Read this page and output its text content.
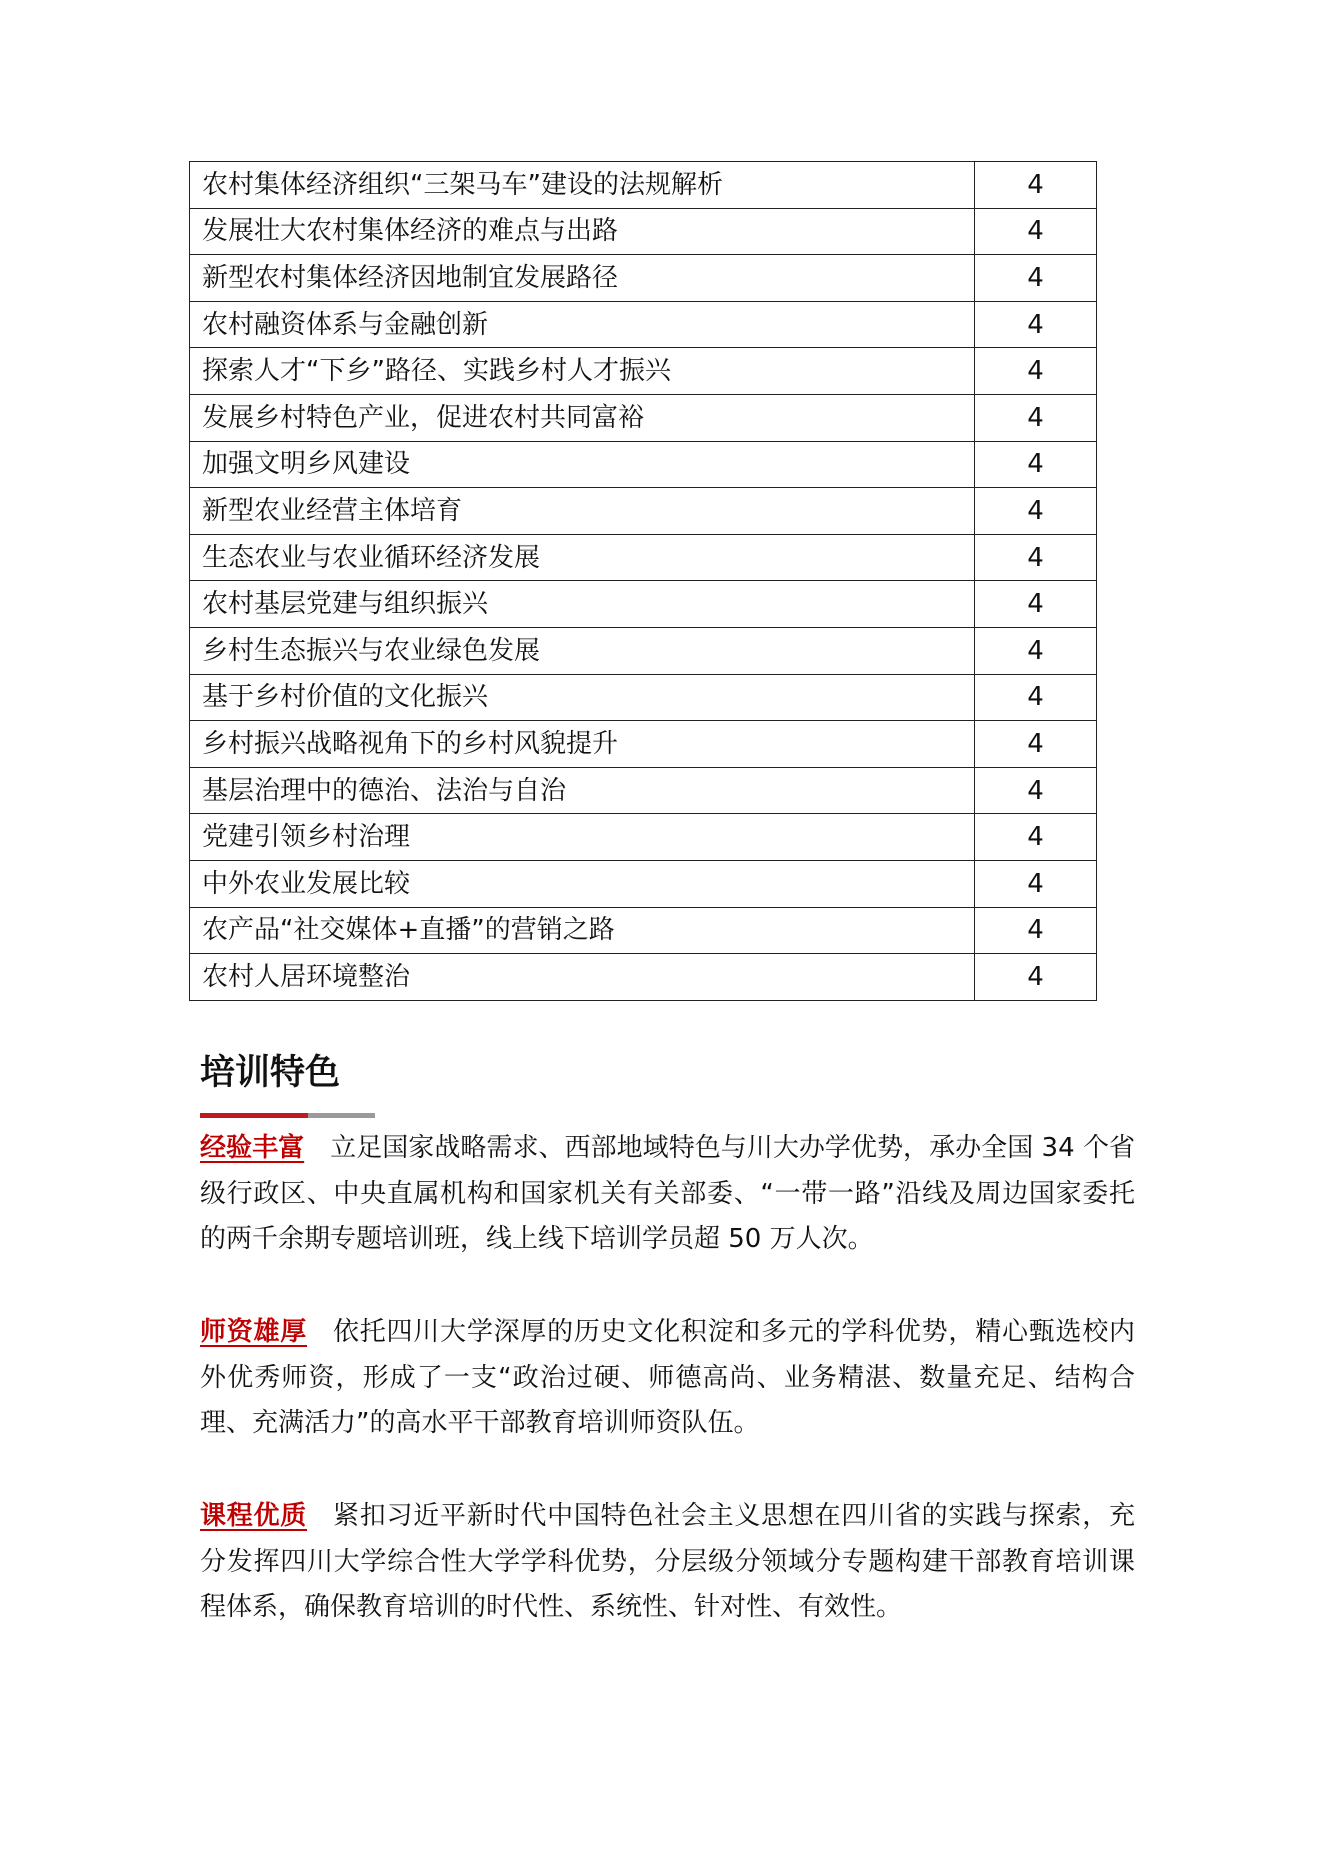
农村集体经济组织“三架马车”建设的法规解析	4
发展壮大农村集体经济的难点与出路	4
新型农村集体经济因地制宜发展路径	4
农村融资体系与金融创新	4
探索人才“下乡”路径、实践乡村人才振兴	4
发展乡村特色产业，促进农村共同富裕	4
加强文明乡风建设	4
新型农业经营主体培育	4
生态农业与农业循环经济发展	4
农村基层党建与组织振兴	4
乡村生态振兴与农业绿色发展	4
基于乡村价值的文化振兴	4
乡村振兴战略视角下的乡村风貌提升	4
基层治理中的德治、法治与自治	4
党建引领乡村治理	4
中外农业发展比较	4
农产品“社交媒体+直播”的营销之路	4
农村人居环境整治	4
培训特色

经验丰富 立足国家战略需求、西部地域特色与川大办学优势，承办全国 34 个省级行政区、中央直属机构和国家机关有关部委、“一带一路”沿线及周边国家委托的两千余期专题培训班，线上线下培训学员超 50 万人次。

师资雄厚 依托四川大学深厚的历史文化积淀和多元的学科优势，精心甄选校内外优秀师资，形成了一支“政治过硬、师德高尚、业务精湛、数量充足、结构合理、充满活力”的高水平干部教育培训师资队伍。

课程优质 紧扣习近平新时代中国特色社会主义思想在四川省的实践与探索，充分发挥四川大学综合性大学学科优势，分层级分领域分专题构建干部教育培训课程体系，确保教育培训的时代性、系统性、针对性、有效性。
